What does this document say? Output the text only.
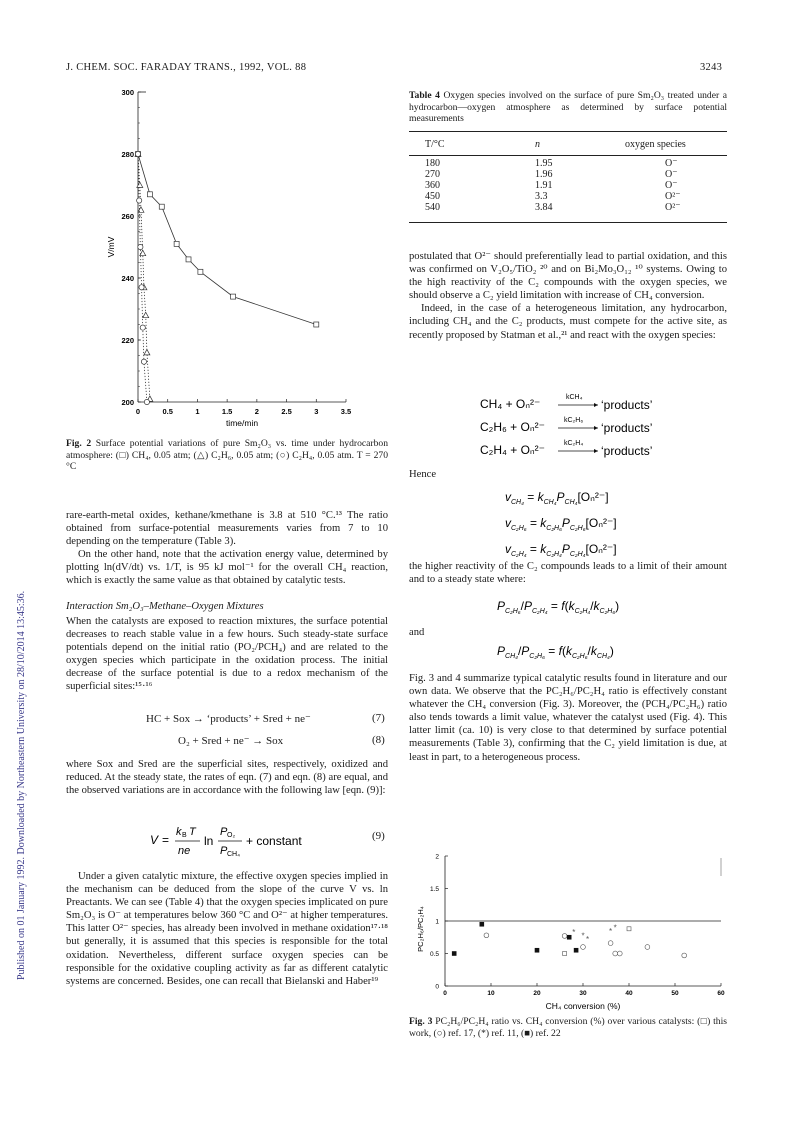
Published on 01 January 1992. Downloaded by Northeastern University on 28/10/2014 13:45:36.
J. CHEM. SOC. FARADAY TRANS., 1992, VOL. 88	3243
200
220
240
260
280
300
0	0.5	1	1.5	2	2.5	3	3.5
time/min
V/mV
Fig. 2 Surface potential variations of pure Sm₂O₃ vs. time under hydrocarbon atmosphere: (□) CH₄, 0.05 atm; (△) C₂H₆, 0.05 atm; (○) C₂H₄, 0.05 atm. T = 270 °C

rare-earth-metal oxides, kethane/kmethane is 3.8 at 510 °C.¹³ The ratio obtained from surface-potential measurements varies from 7 to 10 depending on the temperature (Table 3).

On the other hand, note that the activation energy value, determined by plotting ln(dV/dt) vs. 1/T, is 95 kJ mol⁻¹ for the overall CH₄ reaction, which is exactly the same value as that obtained by catalytic tests.

Interaction Sm₂O₃–Methane–Oxygen Mixtures

When the catalysts are exposed to reaction mixtures, the surface potential decreases to reach stable value in a few hours. Such steady-state surface potentials depend on the initial ratio (PO₂/PCH₄) and are related to the oxygen species which participate in the oxidation process. The initial decrease of the surface potential is due to a redox mechanism of the superficial sites:¹⁵·¹⁶

HC + Sox → ‘products’ + Sred + ne⁻	(7)
O₂ + Sred + ne⁻ → Sox	(8)

where Sox and Sred are the superficial sites, respectively, oxidized and reduced. At the steady state, the rates of eqn. (7) and eqn. (8) are equal, and the observed variations are in accordance with the following law [eqn. (9)]:

V =
k B T
ne
ln
P O₂
P CH₄
+ constant	(9)

Under a given catalytic mixture, the effective oxygen species implied in the mechanism can be deduced from the slope of the curve V vs. ln Preactants. We can see (Table 4) that the oxygen species implicated on pure Sm₂O₃ is O⁻ at temperatures below 360 °C and O²⁻ at higher temperatures. This latter O²⁻ species, has already been involved in methane oxidation¹⁷·¹⁸ but generally, it is assumed that this species is responsible for the total oxidation. Nevertheless, different surface oxygen species can be responsible for the oxidative coupling activity as far as different catalytic systems are concerned. Besides, one can recall that Bielanski and Haber¹⁹

Table 4 Oxygen species involved on the surface of pure Sm₂O₃ treated under a hydrocarbon—oxygen atmosphere as determined by surface potential measurements
T/°C	n	oxygen species

180	1.95	O⁻
270	1.96	O⁻
360	1.91	O⁻
450	3.3	O²⁻
540	3.84	O²⁻

postulated that O²⁻ should preferentially lead to partial oxidation, and this was confirmed on V₂O₅/TiO₂ ²⁰ and on Bi₂Mo₃O₁₂ ¹⁰ systems. Owing to the high reactivity of the C₂ compounds with the oxygen species, we should observe a C₂ yield limitation with increase of CH₄ conversion.

Indeed, in the case of a heterogeneous limitation, any hydrocarbon, including CH₄ and the C₂ products, must compete for the active site, as recently proposed by Statman et al.,²¹ and react with the oxygen species:

CH₄ + Oₙ²⁻	kCH₄
‘products’
C₂H₆ + Oₙ²⁻	kC₂H₆
‘products’
C₂H₄ + Oₙ²⁻	kC₂H₄
‘products’
Hence
$v_{CH_4} = k_{CH_4}P_{CH_4}[O_n^{2-}]$
$v_{C_2H_6} = k_{C_2H_6}P_{C_2H_6}[O_n^{2-}]$
$v_{C_2H_4} = k_{C_2H_4}P_{C_2H_4}[O_n^{2-}]$

the higher reactivity of the C₂ compounds leads to a limit of their amount and to a steady state where:

$P_{C_2H_6}/P_{C_2H_4} = f(k_{C_2H_4}/k_{C_2H_6})$
and
$P_{CH_4}/P_{C_2H_6} = f(k_{C_2H_6}/k_{CH_4})$

Fig. 3 and 4 summarize typical catalytic results found in literature and our own data. We observe that the PC₂H₆/PC₂H₄ ratio is effectively constant whatever the CH₄ conversion (Fig. 3). Moreover, the (PCH₄/PC₂H₆) ratio also tends towards a limit value, whatever the catalyst used (Fig. 4). This latter limit (ca. 10) is very close to that determined by surface potential measurements (Table 3), confirming that the C₂ yield limitation is due, at least in part, to a heterogeneous process.

0
0.5
1
1.5
2
0	10	20	30	40	50	60
CH₄ conversion (%)
PC₂H₆/PC₂H₄	* * *
* *
Fig. 3 PC₂H₆/PC₂H₄ ratio vs. CH₄ conversion (%) over various catalysts: (□) this work, (○) ref. 17, (*) ref. 11, (■) ref. 22
